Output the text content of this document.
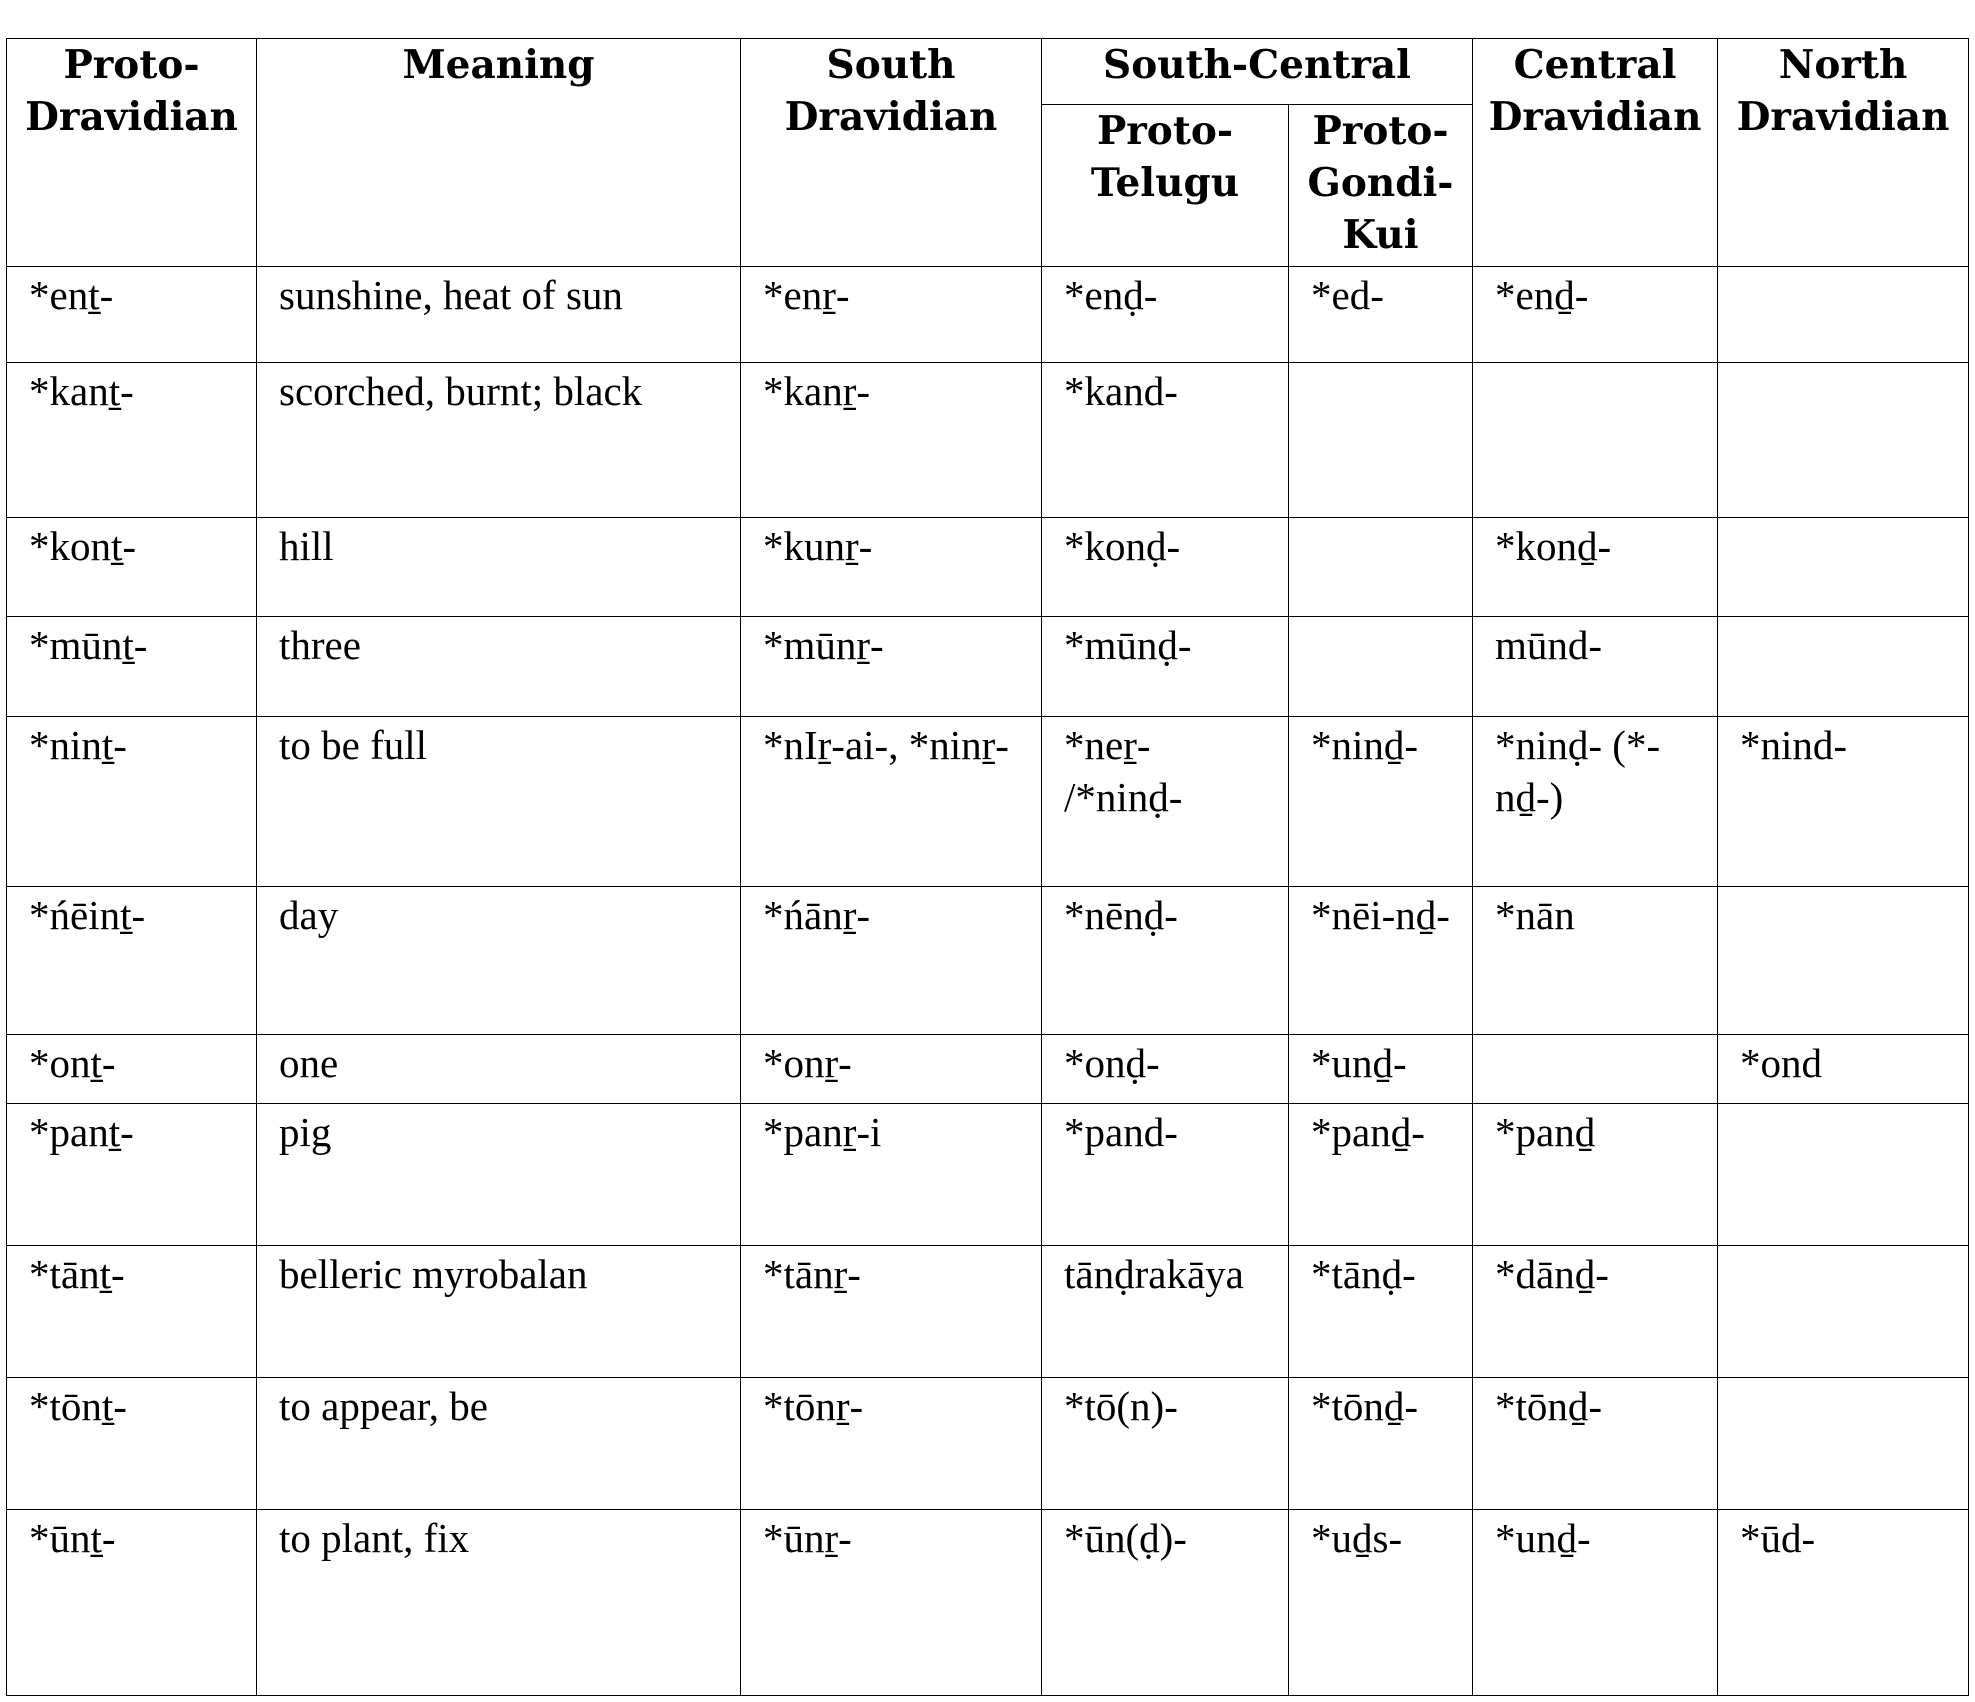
Proto-Dravidian	Meaning	South Dravidian	South-Central		Central Dravidian	North Dravidian
			Proto-Telugu	Proto-Gondi-Kui		
*enṯ-	sunshine, heat of sun	*enṟ-	*enḍ-	*ed-	*enḏ-	
*kanṯ-	scorched, burnt; black	*kanṟ-	*kand-			
*konṯ-	hill	*kunṟ-	*konḍ-		*konḏ-	
*mūnṯ-	three	*mūnṟ-	*mūnḍ-		mūnd-	
*ninṯ-	to be full	*nIṟ-ai-, *ninṟ-	*neṟ- /*ninḍ-	*ninḏ-	*ninḍ- (*-nḏ-)	*nind-
*ńēinṯ-	day	*ńānṟ-	*nēnḍ-	*nēi-nḏ-	*nān	
*onṯ-	one	*onṟ-	*onḍ-	*unḏ-		*ond
*panṯ-	pig	*panṟ-i	*pand-	*panḏ-	*panḏ	
*tānṯ-	belleric myrobalan	*tānṟ-	tānḍrakāya	*tānḍ-	*dānḏ-	
*tōnṯ-	to appear, be	*tōnṟ-	*tō(n)-	*tōnḏ-	*tōnḏ-	
*ūnṯ-	to plant, fix	*ūnṟ-	*ūn(ḍ)-	*uḏs-	*unḏ-	*ūd-
